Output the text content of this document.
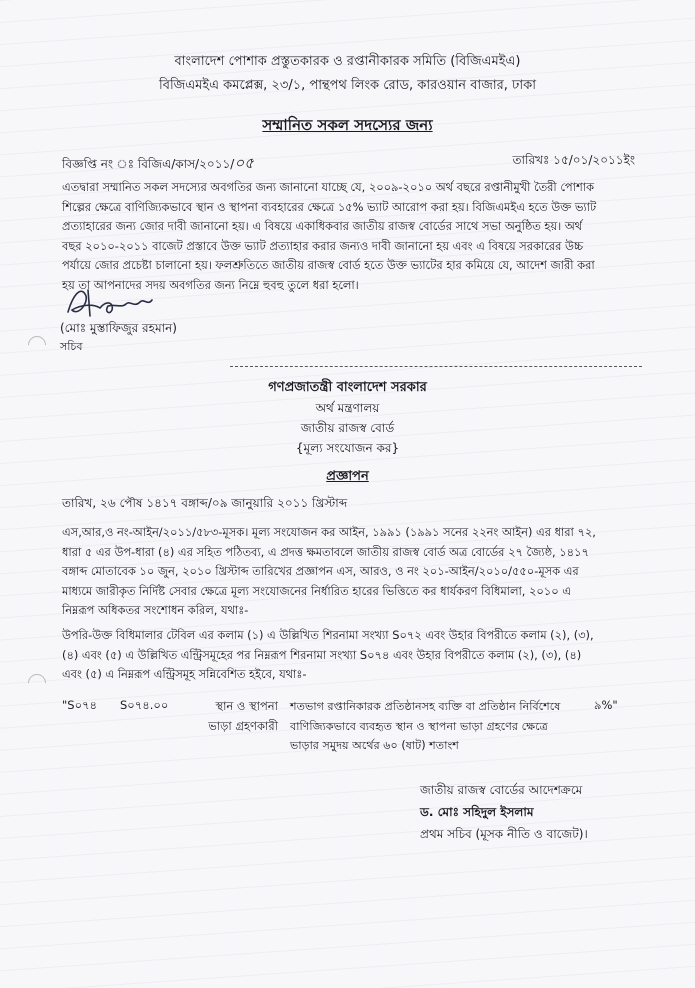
বাংলাদেশ পোশাক প্রস্তুতকারক ও রপ্তানীকারক সমিতি (বিজিএমইএ)
বিজিএমইএ কমপ্লেক্স, ২৩/১, পান্থপথ লিংক রোড, কারওয়ান বাজার, ঢাকা
সম্মানিত সকল সদস্যের জন্য
বিজ্ঞপ্তি নং ঃ বিজিএ/কাস/২০১১/০৫	তারিখঃ ১৫/০১/২০১১ইং
এতদ্বারা সম্মানিত সকল সদস্যের অবগতির জন্য জানানো যাচ্ছে যে, ২০০৯-২০১০ অর্থ বছরে রপ্তানীমুখী তৈরী পোশাক
শিল্পের ক্ষেত্রে বাণিজ্যিকভাবে স্থান ও স্থাপনা ব্যবহারের ক্ষেত্রে ১৫% ভ্যাট আরোপ করা হয়। বিজিএমইএ হতে উক্ত ভ্যাট
প্রত্যাহারের জন্য জোর দাবী জানানো হয়। এ বিষয়ে একাধিকবার জাতীয় রাজস্ব বোর্ডের সাথে সভা অনুষ্ঠিত হয়। অর্থ
বছর ২০১০-২০১১ বাজেট প্রস্তাবে উক্ত ভ্যাট প্রত্যাহার করার জন্যও দাবী জানানো হয় এবং এ বিষয়ে সরকারের উচ্চ
পর্যায়ে জোর প্রচেষ্টা চালানো হয়। ফলশ্রুতিতে জাতীয় রাজস্ব বোর্ড হতে উক্ত ভ্যাটের হার কমিয়ে যে, আদেশ জারী করা
হয় তা আপনাদের সদয় অবগতির জন্য নিম্নে হুবহু তুলে ধরা হলো।
(মোঃ মুস্তাফিজুর রহমান)
সচিব
গণপ্রজাতন্ত্রী বাংলাদেশ সরকার
অর্থ মন্ত্রণালয়
জাতীয় রাজস্ব বোর্ড
{মূল্য সংযোজন কর}
প্রজ্ঞাপন
তারিখ, ২৬ পৌষ ১৪১৭ বঙ্গাব্দ/০৯ জানুয়ারি ২০১১ খ্রিস্টাব্দ
এস,আর,ও নং-আইন/২০১১/৫৮৩-মূসক। মূল্য সংযোজন কর আইন, ১৯৯১ (১৯৯১ সনের ২২নং আইন) এর ধারা ৭২,
ধারা ৫ এর উপ-ধারা (৪) এর সহিত পঠিতব্য, এ প্রদত্ত ক্ষমতাবলে জাতীয় রাজস্ব বোর্ড অত্র বোর্ডের ২৭ জ্যৈষ্ঠ, ১৪১৭
বঙ্গাব্দ মোতাবেক ১০ জুন, ২০১০ খ্রিস্টাব্দ তারিখের প্রজ্ঞাপন এস, আরও, ও নং ২০১-আইন/২০১০/৫৫০-মূসক এর
মাধ্যমে জারীকৃত নির্দিষ্ট সেবার ক্ষেত্রে মূল্য সংযোজনের নির্ধারিত হারের ভিত্তিতে কর ধার্যকরণ বিধিমালা, ২০১০ এ
নিম্নরূপ অধিকতর সংশোধন করিল, যথাঃ-
উপরি-উক্ত বিধিমালার টেবিল এর কলাম (১) এ উল্লিখিত শিরনামা সংখ্যা S০৭২ এবং উহার বিপরীতে কলাম (২), (৩),
(৪) এবং (৫) এ উল্লিখিত এন্ট্রিসমূহের পর নিম্নরূপ শিরনামা সংখ্যা S০৭৪ এবং উহার বিপরীতে কলাম (২), (৩), (৪)
এবং (৫) এ নিম্নরূপ এন্ট্রিসমূহ সন্নিবেশিত হইবে, যথাঃ-
"S০৭৪ S০৭৪.০০	স্থান ও স্থাপনা
ভাড়া গ্রহণকারী
শতভাগ রপ্তানিকারক প্রতিষ্ঠানসহ ব্যক্তি বা প্রতিষ্ঠান নির্বিশেষে
বাণিজ্যিকভাবে ব্যবহৃত স্থান ও স্থাপনা ভাড়া গ্রহণের ক্ষেত্রে
ভাড়ার সমুদয় অর্থের ৬০ (ষাট) শতাংশ
৯%"
জাতীয় রাজস্ব বোর্ডের আদেশক্রমে
ড. মোঃ সহিদুল ইসলাম
প্রথম সচিব (মূসক নীতি ও বাজেট)।
